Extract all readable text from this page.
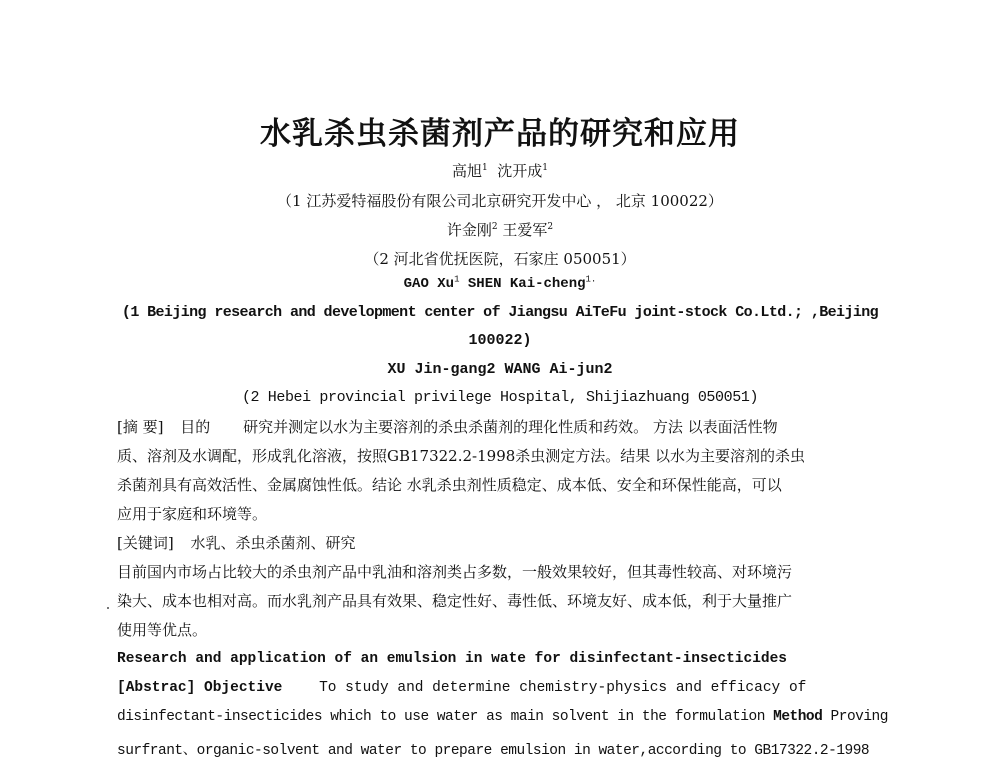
水乳杀虫杀菌剂产品的研究和应用
高旭$^1$ 沈开成$^1$
（1 江苏爱特福股份有限公司北京研究开发中心 ， 北京 100022）
许金刚$^2$ 王爱军$^2$
（2 河北省优抚医院，石家庄 050051）
GAO Xu$^1$ SHEN Kai-cheng$^{1.}$
(1 Beijing research and development center of Jiangsu AiTeFu joint-stock Co.Ltd.; ,Beijing
100022)
XU Jin-gang2 WANG Ai-jun2
(2 Hebei provincial privilege Hospital, Shijiazhuang 050051)
[摘 要] 目的 研究并测定以水为主要溶剂的杀虫杀菌剂的理化性质和药效。 方法 以表面活性物
质、溶剂及水调配，形成乳化溶液，按照GB17322.2-1998杀虫测定方法。结果 以水为主要溶剂的杀虫
杀菌剂具有高效活性、金属腐蚀性低。结论 水乳杀虫剂性质稳定、成本低、安全和环保性能高，可以
应用于家庭和环境等。
[关键词] 水乳、杀虫杀菌剂、研究
目前国内市场占比较大的杀虫剂产品中乳油和溶剂类占多数，一般效果较好，但其毒性较高、对环境污
染大、成本也相对高。而水乳剂产品具有效果、稳定性好、毒性低、环境友好、成本低，利于大量推广
使用等优点。
Research and application of an emulsion in wate for disinfectant-insecticides
[Abstrac] Objective	To study and determine chemistry-physics and efficacy of
disinfectant-insecticides which to use water as main solvent in the formulation Method Proving
surfrant、organic-solvent and water to prepare emulsion in water,according to GB17322.2-1998
